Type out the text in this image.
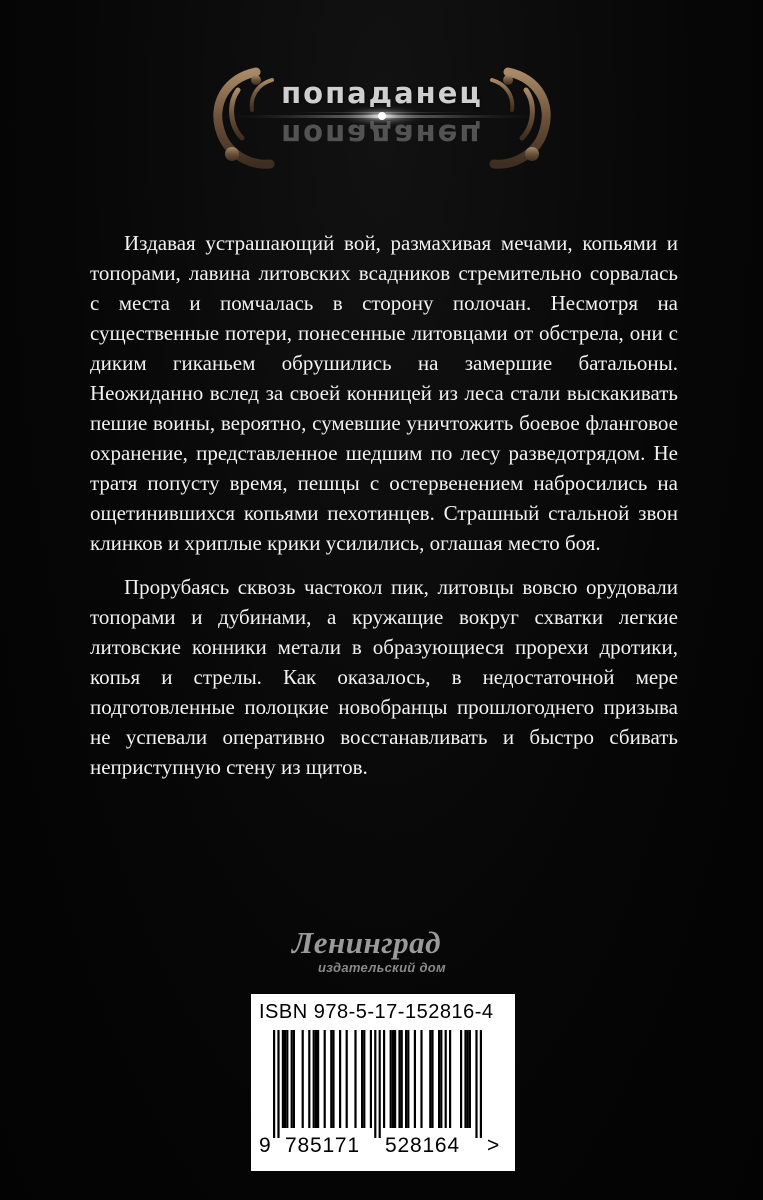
попаданец
попаданец

Издавая устрашающий вой, размахивая мечами, копьями и топорами, лавина литовских всадников стремительно сорвалась с места и помчалась в сторону полочан. Несмотря на существенные потери, понесенные литовцами от обстрела, они с диким гиканьем обрушились на замершие батальоны. Неожиданно вслед за своей конницей из леса стали выскакивать пешие воины, вероятно, сумевшие уничтожить боевое фланговое охранение, представленное шедшим по лесу разведотрядом. Не тратя попусту время, пешцы с остервенением набросились на ощетинившихся копьями пехотинцев. Страшный стальной звон клинков и хриплые крики усилились, оглашая место боя.

Прорубаясь сквозь частокол пик, литовцы вовсю орудовали топорами и дубинами, а кружащие вокруг схватки легкие литовские конники метали в образующиеся прорехи дротики, копья и стрелы. Как оказалось, в недостаточной мере подготовленные полоцкие новобранцы прошлогоднего призыва не успевали оперативно восстанавливать и быстро сбивать неприступную стену из щитов.

Ленинград
издательский дом
ISBN 978-5-17-152816-4
9 785171 528164 >
